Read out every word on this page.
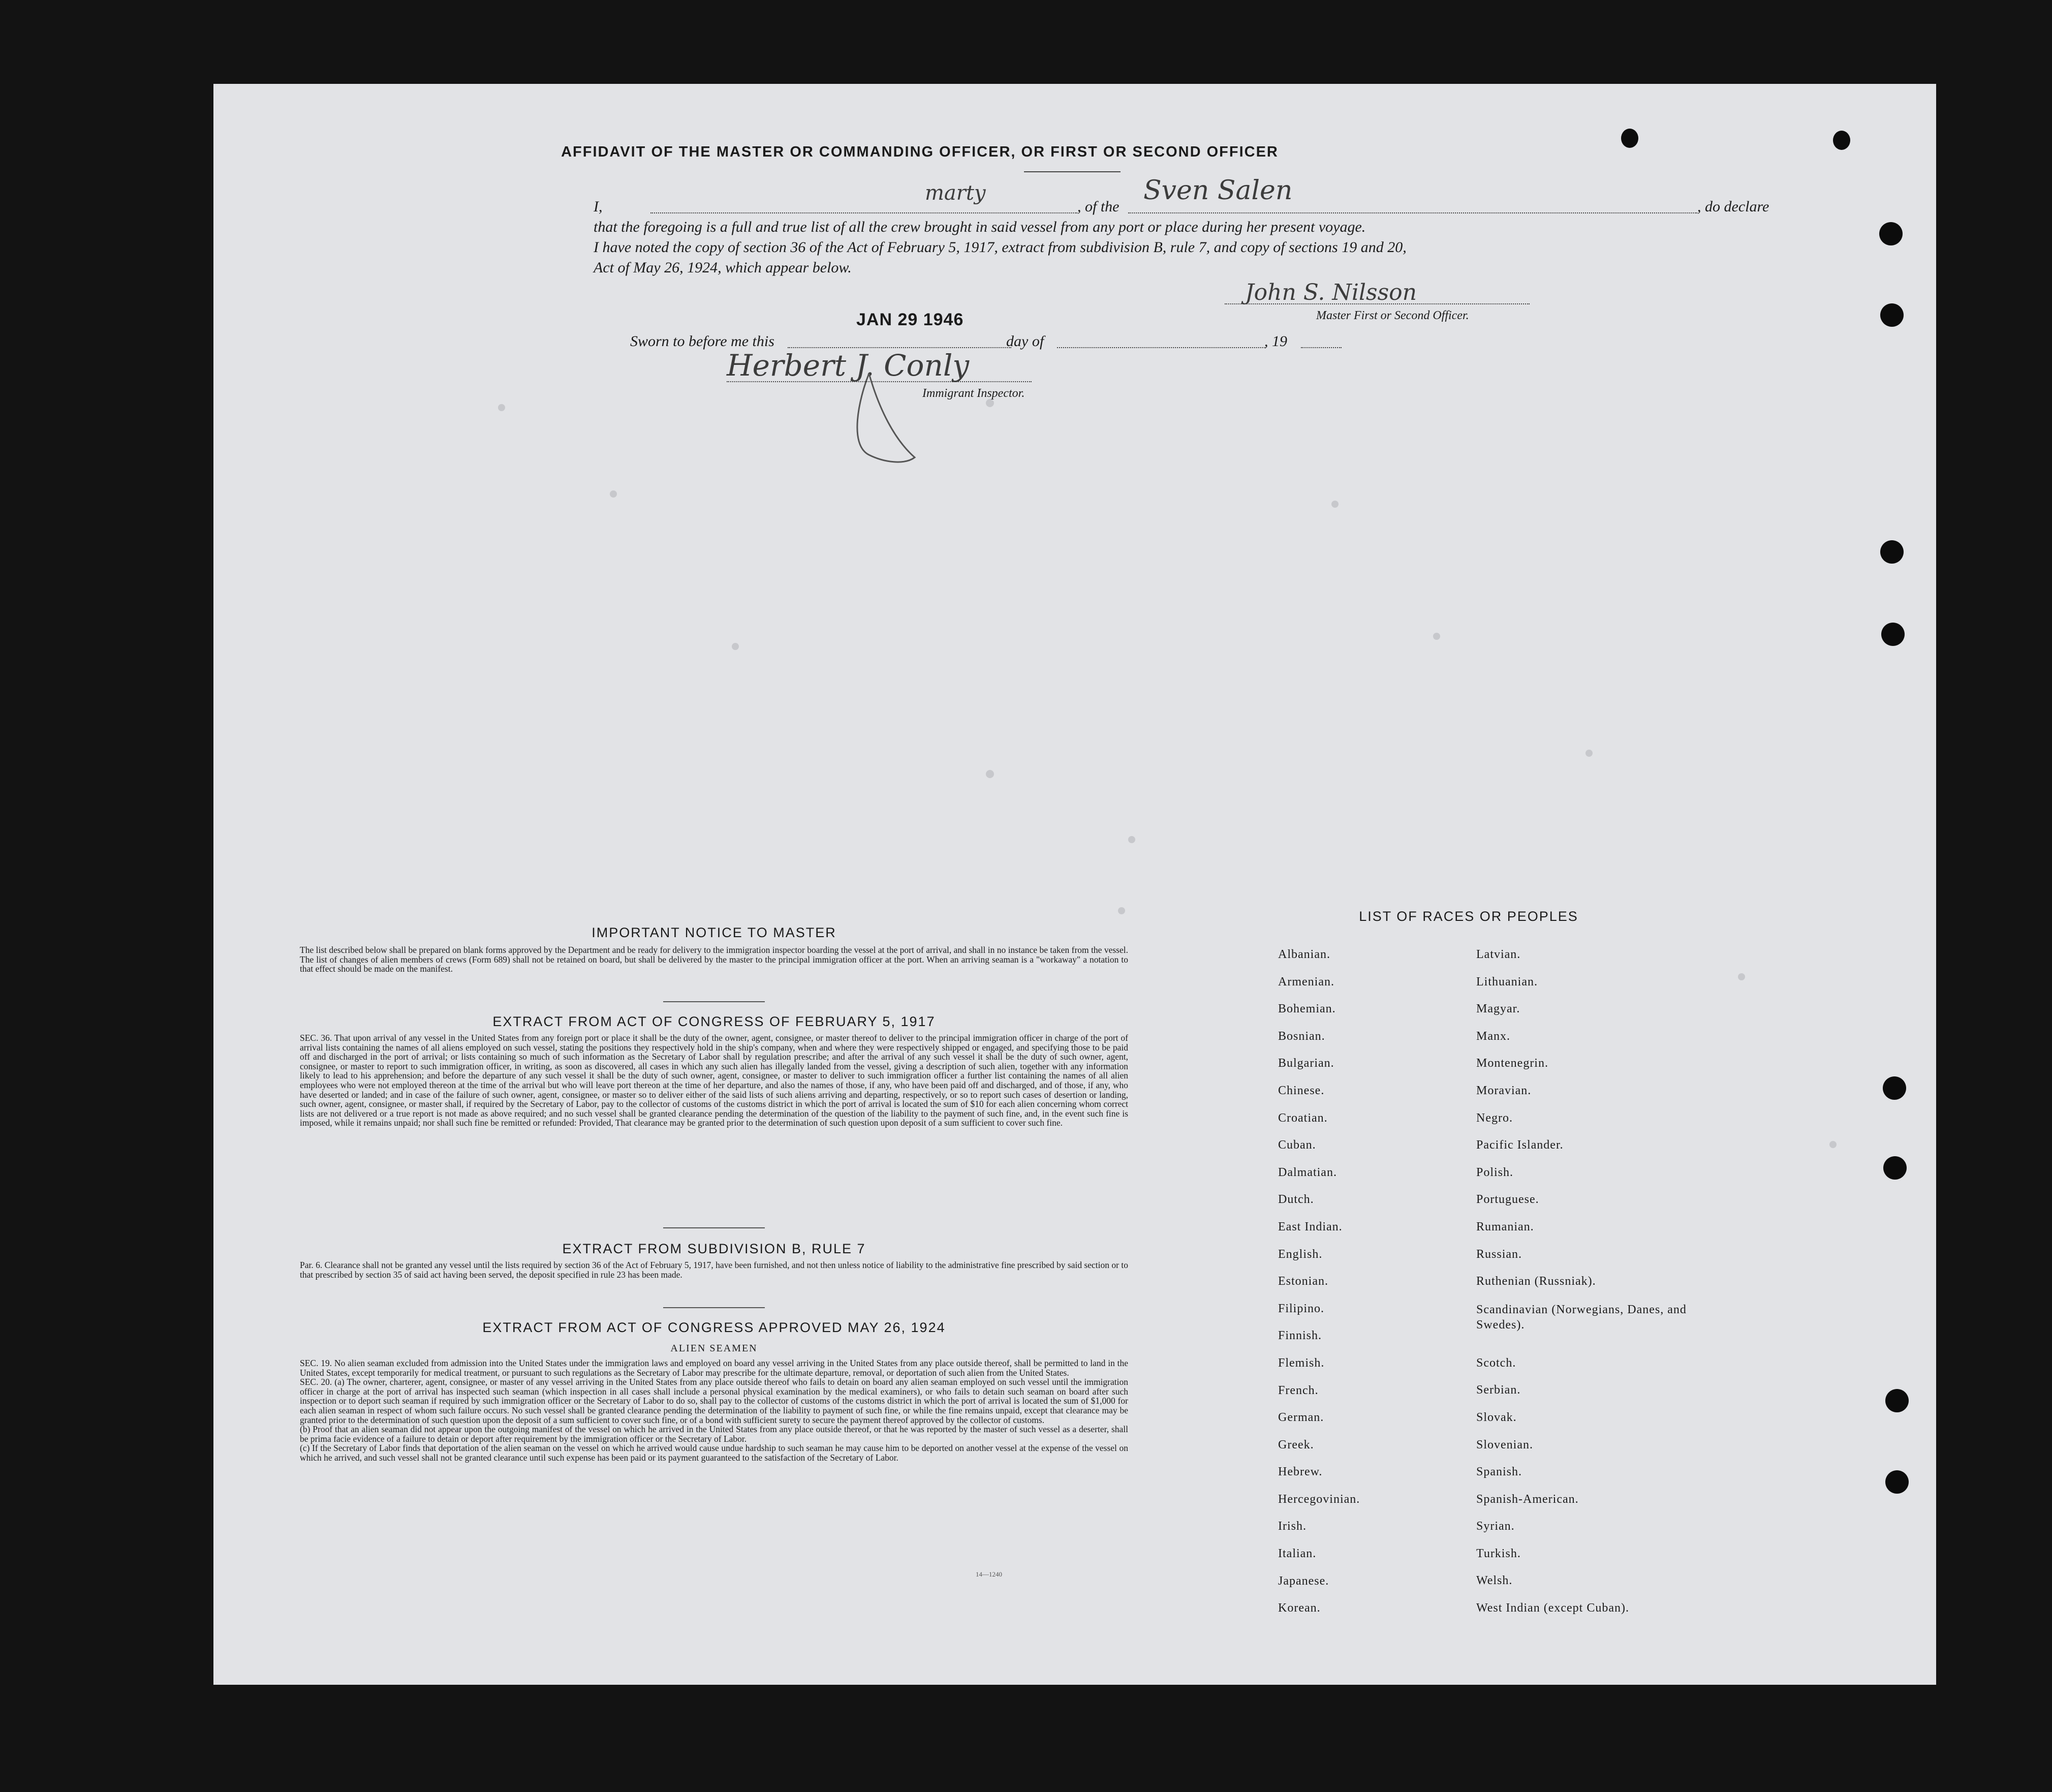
AFFIDAVIT OF THE MASTER OR COMMANDING OFFICER, OR FIRST OR SECOND OFFICER
I,
marty
, of the
Sven Salen
, do declare
that the foregoing is a full and true list of all the crew brought in said vessel from any port or place during her present voyage.
I have noted the copy of section 36 of the Act of February 5, 1917, extract from subdivision B, rule 7, and copy of sections 19 and 20,
Act of May 26, 1924, which appear below.
John S. Nilsson
Master First or Second Officer.
JAN 29 1946
Sworn to before me this	day of	, 19
Herbert J. Conly
Immigrant Inspector.
IMPORTANT NOTICE TO MASTER
The list described below shall be prepared on blank forms approved by the Department and be ready for delivery to the immigration inspector boarding the vessel at the port of arrival, and shall in no instance be taken from the vessel. The list of changes of alien members of crews (Form 689) shall not be retained on board, but shall be delivered by the master to the principal immigration officer at the port. When an arriving seaman is a "workaway" a notation to that effect should be made on the manifest.
EXTRACT FROM ACT OF CONGRESS OF FEBRUARY 5, 1917
SEC. 36. That upon arrival of any vessel in the United States from any foreign port or place it shall be the duty of the owner, agent, consignee, or master thereof to deliver to the principal immigration officer in charge of the port of arrival lists containing the names of all aliens employed on such vessel, stating the positions they respectively hold in the ship's company, when and where they were respectively shipped or engaged, and specifying those to be paid off and discharged in the port of arrival; or lists containing so much of such information as the Secretary of Labor shall by regulation prescribe; and after the arrival of any such vessel it shall be the duty of such owner, agent, consignee, or master to report to such immigration officer, in writing, as soon as discovered, all cases in which any such alien has illegally landed from the vessel, giving a description of such alien, together with any information likely to lead to his apprehension; and before the departure of any such vessel it shall be the duty of such owner, agent, consignee, or master to deliver to such immigration officer a further list containing the names of all alien employees who were not employed thereon at the time of the arrival but who will leave port thereon at the time of her departure, and also the names of those, if any, who have been paid off and discharged, and of those, if any, who have deserted or landed; and in case of the failure of such owner, agent, consignee, or master so to deliver either of the said lists of such aliens arriving and departing, respectively, or so to report such cases of desertion or landing, such owner, agent, consignee, or master shall, if required by the Secretary of Labor, pay to the collector of customs of the customs district in which the port of arrival is located the sum of $10 for each alien concerning whom correct lists are not delivered or a true report is not made as above required; and no such vessel shall be granted clearance pending the determination of the question of the liability to the payment of such fine, and, in the event such fine is imposed, while it remains unpaid; nor shall such fine be remitted or refunded: Provided, That clearance may be granted prior to the determination of such question upon deposit of a sum sufficient to cover such fine.
EXTRACT FROM SUBDIVISION B, RULE 7
Par. 6. Clearance shall not be granted any vessel until the lists required by section 36 of the Act of February 5, 1917, have been furnished, and not then unless notice of liability to the administrative fine prescribed by said section or to that prescribed by section 35 of said act having been served, the deposit specified in rule 23 has been made.
EXTRACT FROM ACT OF CONGRESS APPROVED MAY 26, 1924
ALIEN SEAMEN

SEC. 19. No alien seaman excluded from admission into the United States under the immigration laws and employed on board any vessel arriving in the United States from any place outside thereof, shall be permitted to land in the United States, except temporarily for medical treatment, or pursuant to such regulations as the Secretary of Labor may prescribe for the ultimate departure, removal, or deportation of such alien from the United States.

SEC. 20. (a) The owner, charterer, agent, consignee, or master of any vessel arriving in the United States from any place outside thereof who fails to detain on board any alien seaman employed on such vessel until the immigration officer in charge at the port of arrival has inspected such seaman (which inspection in all cases shall include a personal physical examination by the medical examiners), or who fails to detain such seaman on board after such inspection or to deport such seaman if required by such immigration officer or the Secretary of Labor to do so, shall pay to the collector of customs of the customs district in which the port of arrival is located the sum of $1,000 for each alien seaman in respect of whom such failure occurs. No such vessel shall be granted clearance pending the determination of the liability to payment of such fine, or while the fine remains unpaid, except that clearance may be granted prior to the determination of such question upon the deposit of a sum sufficient to cover such fine, or of a bond with sufficient surety to secure the payment thereof approved by the collector of customs.

(b) Proof that an alien seaman did not appear upon the outgoing manifest of the vessel on which he arrived in the United States from any place outside thereof, or that he was reported by the master of such vessel as a deserter, shall be prima facie evidence of a failure to detain or deport after requirement by the immigration officer or the Secretary of Labor.

(c) If the Secretary of Labor finds that deportation of the alien seaman on the vessel on which he arrived would cause undue hardship to such seaman he may cause him to be deported on another vessel at the expense of the vessel on which he arrived, and such vessel shall not be granted clearance until such expense has been paid or its payment guaranteed to the satisfaction of the Secretary of Labor.

14—1240
LIST OF RACES OR PEOPLES
Albanian.
Armenian.
Bohemian.
Bosnian.
Bulgarian.
Chinese.
Croatian.
Cuban.
Dalmatian.
Dutch.
East Indian.
English.
Estonian.
Filipino.
Finnish.
Flemish.
French.
German.
Greek.
Hebrew.
Hercegovinian.
Irish.
Italian.
Japanese.
Korean.
Latvian.
Lithuanian.
Magyar.
Manx.
Montenegrin.
Moravian.
Negro.
Pacific Islander.
Polish.
Portuguese.
Rumanian.
Russian.
Ruthenian (Russniak).
Scandinavian (Norwegians, Danes, and Swedes).
Scotch.
Serbian.
Slovak.
Slovenian.
Spanish.
Spanish-American.
Syrian.
Turkish.
Welsh.
West Indian (except Cuban).
